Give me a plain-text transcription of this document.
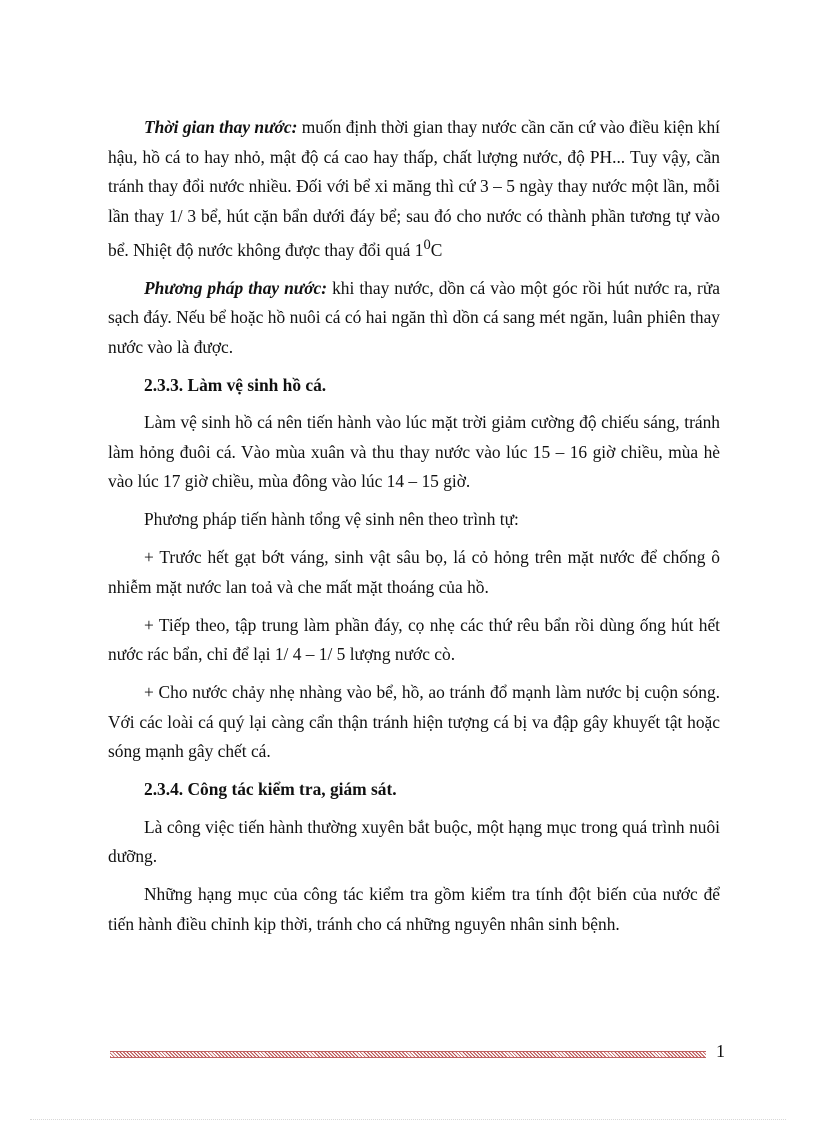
Thời gian thay nước: muốn định thời gian thay nước cần căn cứ vào điều kiện khí hậu, hồ cá to hay nhỏ, mật độ cá cao hay thấp, chất lượng nước, độ PH... Tuy vậy, cần tránh thay đổi nước nhiều. Đối với bể xi măng thì cứ 3 – 5 ngày thay nước một lần, mỗi lần thay 1/ 3 bể, hút cặn bẩn dưới đáy bể; sau đó cho nước có thành phần tương tự vào bể. Nhiệt độ nước không được thay đổi quá $1^0C$

Phương pháp thay nước: khi thay nước, dồn cá vào một góc rồi hút nước ra, rửa sạch đáy. Nếu bể hoặc hồ nuôi cá có hai ngăn thì dồn cá sang mét ngăn, luân phiên thay nước vào là được.

2.3.3. Làm vệ sinh hồ cá.

Làm vệ sinh hồ cá nên tiến hành vào lúc mặt trời giảm cường độ chiếu sáng, tránh làm hỏng đuôi cá. Vào mùa xuân và thu thay nước vào lúc 15 – 16 giờ chiều, mùa hè vào lúc 17 giờ chiều, mùa đông vào lúc 14 – 15 giờ.

Phương pháp tiến hành tổng vệ sinh nên theo trình tự:

+ Trước hết gạt bớt váng, sinh vật sâu bọ, lá cỏ hỏng trên mặt nước để chống ô nhiễm mặt nước lan toả và che mất mặt thoáng của hồ.

+ Tiếp theo, tập trung làm phần đáy, cọ nhẹ các thứ rêu bẩn rồi dùng ống hút hết nước rác bẩn, chỉ để lại 1/ 4 – 1/ 5 lượng nước cò.

+ Cho nước chảy nhẹ nhàng vào bể, hồ, ao tránh đổ mạnh làm nước bị cuộn sóng. Với các loài cá quý lại càng cẩn thận tránh hiện tượng cá bị va đập gây khuyết tật hoặc sóng mạnh gây chết cá.

2.3.4. Công tác kiểm tra, giám sát.

Là công việc tiến hành thường xuyên bắt buộc, một hạng mục trong quá trình nuôi dưỡng.

Những hạng mục của công tác kiểm tra gồm kiểm tra tính đột biến của nước để tiến hành điều chỉnh kịp thời, tránh cho cá những nguyên nhân sinh bệnh.

1
